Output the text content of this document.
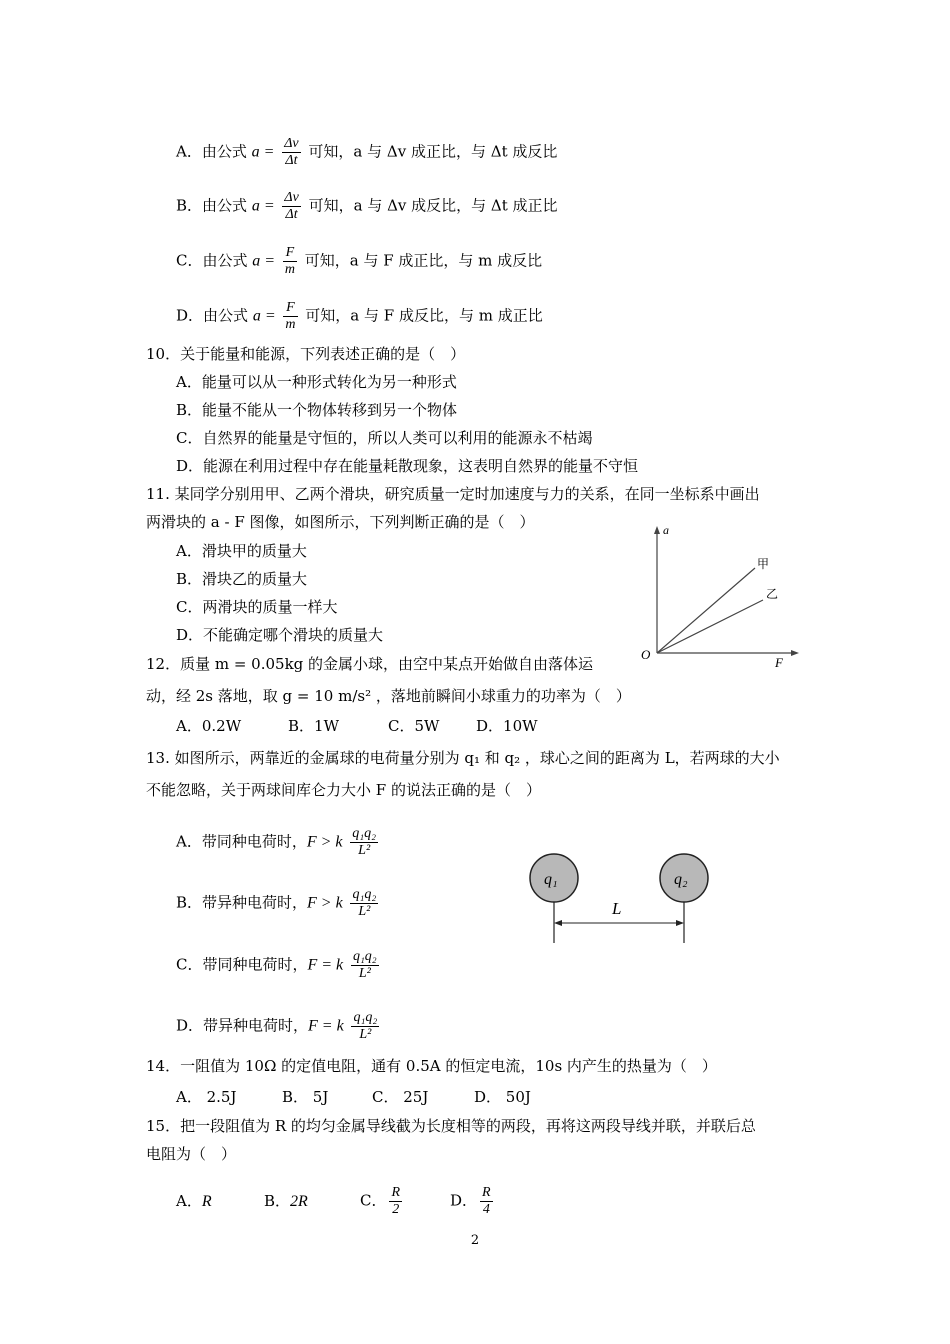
A．由公式 $a = \frac{\Delta v}{\Delta t}$ 可知，a 与 Δv 成正比，与 Δt 成反比
B．由公式 $a = \frac{\Delta v}{\Delta t}$ 可知，a 与 Δv 成反比，与 Δt 成正比
C．由公式 $a = \frac{F}{m}$ 可知，a 与 F 成正比，与 m 成反比
D．由公式 $a = \frac{F}{m}$ 可知，a 与 F 成反比，与 m 成正比
10．关于能量和能源，下列表述正确的是（　）
A．能量可以从一种形式转化为另一种形式
B．能量不能从一个物体转移到另一个物体
C．自然界的能量是守恒的，所以人类可以利用的能源永不枯竭
D．能源在利用过程中存在能量耗散现象，这表明自然界的能量不守恒
11. 某同学分别用甲、乙两个滑块，研究质量一定时加速度与力的关系，在同一坐标系中画出
两滑块的 a - F 图像，如图所示，下列判断正确的是（　）
A．滑块甲的质量大
B．滑块乙的质量大
C．两滑块的质量一样大
D．不能确定哪个滑块的质量大
a
F
O
甲
乙
12．质量 m = 0.05kg 的金属小球，由空中某点开始做自由落体运
动，经 2s 落地，取 g = 10 m/s² ，落地前瞬间小球重力的功率为（　）
A．0.2W	B．1W	C．5W D．10W
13. 如图所示，两靠近的金属球的电荷量分别为 q₁ 和 q₂ ，球心之间的距离为 L，若两球的大小
不能忽略，关于两球间库仑力大小 F 的说法正确的是（　）
A．带同种电荷时，F > k $\frac{\text{q₁q₂}}{\text{L²}}$
B．带异种电荷时，F > k $\frac{\text{q₁q₂}}{\text{L²}}$
C．带同种电荷时，F = k $\frac{\text{q₁q₂}}{\text{L²}}$
D．带异种电荷时，F = k $\frac{\text{q₁q₂}}{\text{L²}}$
q₁	q₂
L
14．一阻值为 10Ω 的定值电阻，通有 0.5A 的恒定电流，10s 内产生的热量为（　）
A． 2.5J	B． 5J	C． 25J	D． 50J
15．把一段阻值为 R 的均匀金属导线截为长度相等的两段，再将这两段导线并联，并联后总
电阻为（　）
A．R	B．2R	C． $\frac{R}{2}$	D． $\frac{R}{4}$
2
